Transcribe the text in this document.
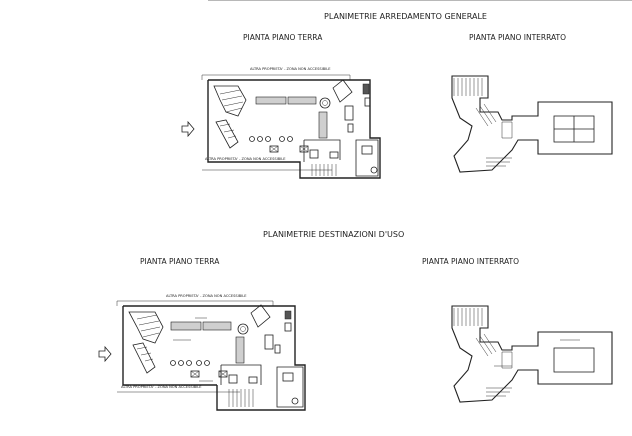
PLANIMETRIE ARREDAMENTO GENERALE
PIANTA PIANO TERRA	PIANTA PIANO INTERRATO
ALTRA PROPRIETA' - ZONA NON ACCESSIBILE
ALTRA PROPRIETA' - ZONA NON ACCESSIBILE
PLANIMETRIE DESTINAZIONI D'USO
PIANTA PIANO TERRA	PIANTA PIANO INTERRATO
ALTRA PROPRIETA' - ZONA NON ACCESSIBILE
ALTRA PROPRIETA' - ZONA NON ACCESSIBILE
